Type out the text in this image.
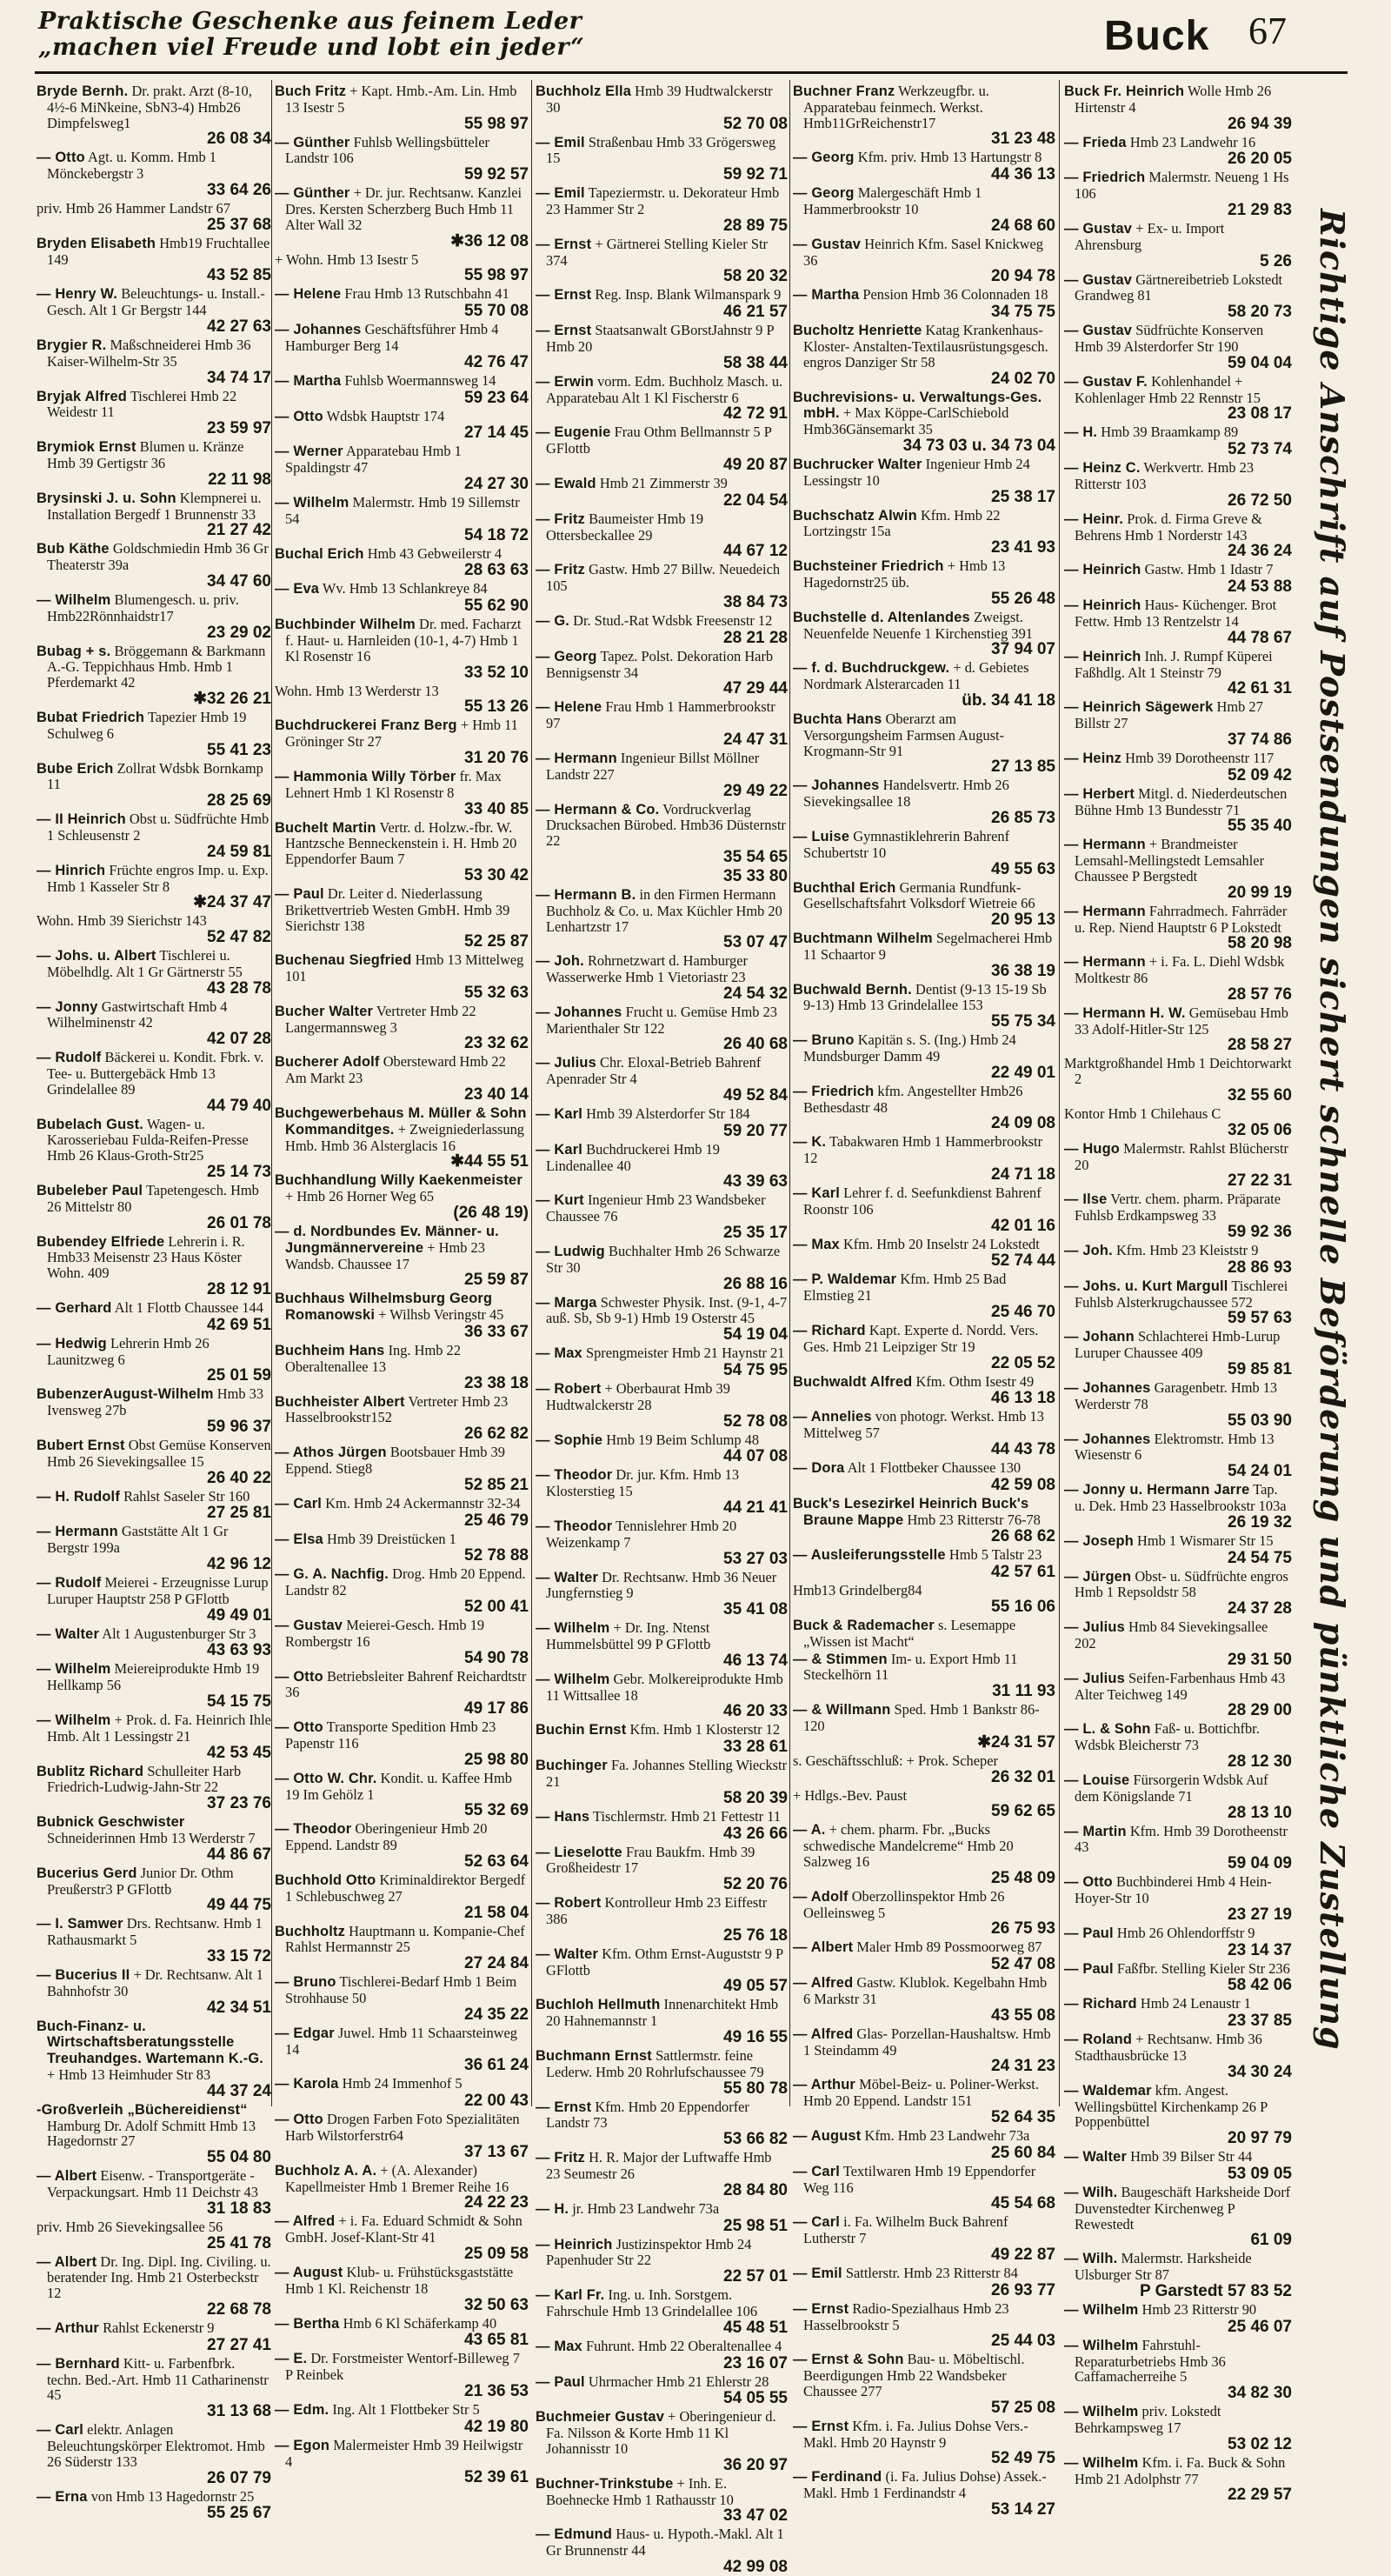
Praktische Geschenke aus feinem Leder
„machen viel Freude und lobt ein jeder“	Buck 67
Bryde Bernh. Dr. prakt. Arzt (8-10, 4½-6 MiNkeine, SbN3-4) Hmb26 Dimpfelsweg1
26 08 34
— Otto Agt. u. Komm. Hmb 1 Mönckebergstr 3
33 64 26
priv. Hmb 26 Hammer Landstr 67
25 37 68
Bryden Elisabeth Hmb19 Fruchtallee 149
43 52 85
— Henry W. Beleuchtungs- u. Install.-Gesch. Alt 1 Gr Bergstr 144
42 27 63
Brygier R. Maßschneiderei Hmb 36 Kaiser-Wilhelm-Str 35
34 74 17
Bryjak Alfred Tischlerei Hmb 22 Weidestr 11
23 59 97
Brymiok Ernst Blumen u. Kränze Hmb 39 Gertigstr 36
22 11 98
Brysinski J. u. Sohn Klempnerei u. Installation Bergedf 1 Brunnenstr 33
21 27 42
Bub Käthe Goldschmiedin Hmb 36 Gr Theaterstr 39a
34 47 60
— Wilhelm Blumengesch. u. priv. Hmb22Rönnhaidstr17
23 29 02
Bubag + s. Bröggemann & Barkmann A.-G. Teppichhaus Hmb. Hmb 1 Pferdemarkt 42
✱32 26 21
Bubat Friedrich Tapezier Hmb 19 Schulweg 6
55 41 23
Bube Erich Zollrat Wdsbk Bornkamp 11
28 25 69
— II Heinrich Obst u. Südfrüchte Hmb 1 Schleusenstr 2
24 59 81
— Hinrich Früchte engros Imp. u. Exp. Hmb 1 Kasseler Str 8
✱24 37 47
Wohn. Hmb 39 Sierichstr 143
52 47 82
— Johs. u. Albert Tischlerei u. Möbelhdlg. Alt 1 Gr Gärtnerstr 55
43 28 78
— Jonny Gastwirtschaft Hmb 4 Wilhelminenstr 42
42 07 28
— Rudolf Bäckerei u. Kondit. Fbrk. v. Tee- u. Buttergebäck Hmb 13 Grindelallee 89
44 79 40
Bubelach Gust. Wagen- u. Karosseriebau Fulda-Reifen-Presse Hmb 26 Klaus-Groth-Str25
25 14 73
Bubeleber Paul Tapetengesch. Hmb 26 Mittelstr 80
26 01 78
Bubendey Elfriede Lehrerin i. R. Hmb33 Meisenstr 23 Haus Köster Wohn. 409
28 12 91
— Gerhard Alt 1 Flottb Chaussee 144
42 69 51
— Hedwig Lehrerin Hmb 26 Launitzweg 6
25 01 59
BubenzerAugust-Wilhelm Hmb 33 Ivensweg 27b
59 96 37
Bubert Ernst Obst Gemüse Konserven Hmb 26 Sievekingsallee 15
26 40 22
— H. Rudolf Rahlst Saseler Str 160
27 25 81
— Hermann Gaststätte Alt 1 Gr Bergstr 199a
42 96 12
— Rudolf Meierei - Erzeugnisse Lurup Luruper Hauptstr 258 P GFlottb
49 49 01
— Walter Alt 1 Augustenburger Str 3
43 63 93
— Wilhelm Meiereiprodukte Hmb 19 Hellkamp 56
54 15 75
— Wilhelm + Prok. d. Fa. Heinrich Ihle Hmb. Alt 1 Lessingstr 21
42 53 45
Bublitz Richard Schulleiter Harb Friedrich-Ludwig-Jahn-Str 22
37 23 76
Bubnick Geschwister Schneiderinnen Hmb 13 Werderstr 7
44 86 67
Bucerius Gerd Junior Dr. Othm Preußerstr3 P GFlottb
49 44 75
— I. Samwer Drs. Rechtsanw. Hmb 1 Rathausmarkt 5
33 15 72
— Bucerius II + Dr. Rechtsanw. Alt 1 Bahnhofstr 30
42 34 51
Buch-Finanz- u. Wirtschaftsberatungsstelle Treuhandges. Wartemann K.-G. + Hmb 13 Heimhuder Str 83
44 37 24
-Großverleih „Büchereidienst“ Hamburg Dr. Adolf Schmitt Hmb 13 Hagedornstr 27
55 04 80
— Albert Eisenw. - Transportgeräte - Verpackungsart. Hmb 11 Deichstr 43
31 18 83
priv. Hmb 26 Sievekingsallee 56
25 41 78
— Albert Dr. Ing. Dipl. Ing. Civiling. u. beratender Ing. Hmb 21 Osterbeckstr 12
22 68 78
— Arthur Rahlst Eckenerstr 9
27 27 41
— Bernhard Kitt- u. Farbenfbrk. techn. Bed.-Art. Hmb 11 Catharinenstr 45
31 13 68
— Carl elektr. Anlagen Beleuchtungskörper Elektromot. Hmb 26 Süderstr 133
26 07 79
— Erna von Hmb 13 Hagedornstr 25
55 25 67
Buch Fritz + Kapt. Hmb.-Am. Lin. Hmb 13 Isestr 5
55 98 97
— Günther Fuhlsb Wellingsbütteler Landstr 106
59 92 57
— Günther + Dr. jur. Rechtsanw. Kanzlei Dres. Kersten Scherzberg Buch Hmb 11 Alter Wall 32
✱36 12 08
+ Wohn. Hmb 13 Isestr 5
55 98 97
— Helene Frau Hmb 13 Rutschbahn 41
55 70 08
— Johannes Geschäftsführer Hmb 4 Hamburger Berg 14
42 76 47
— Martha Fuhlsb Woermannsweg 14
59 23 64
— Otto Wdsbk Hauptstr 174
27 14 45
— Werner Apparatebau Hmb 1 Spaldingstr 47
24 27 30
— Wilhelm Malermstr. Hmb 19 Sillemstr 54
54 18 72
Buchal Erich Hmb 43 Gebweilerstr 4
28 63 63
— Eva Wv. Hmb 13 Schlankreye 84
55 62 90
Buchbinder Wilhelm Dr. med. Facharzt f. Haut- u. Harnleiden (10-1, 4-7) Hmb 1 Kl Rosenstr 16
33 52 10
Wohn. Hmb 13 Werderstr 13
55 13 26
Buchdruckerei Franz Berg + Hmb 11 Gröninger Str 27
31 20 76
— Hammonia Willy Törber fr. Max Lehnert Hmb 1 Kl Rosenstr 8
33 40 85
Buchelt Martin Vertr. d. Holzw.-fbr. W. Hantzsche Benneckenstein i. H. Hmb 20 Eppendorfer Baum 7
53 30 42
— Paul Dr. Leiter d. Niederlassung Brikettvertrieb Westen GmbH. Hmb 39 Sierichstr 138
52 25 87
Buchenau Siegfried Hmb 13 Mittelweg 101
55 32 63
Bucher Walter Vertreter Hmb 22 Langermannsweg 3
23 32 62
Bucherer Adolf Obersteward Hmb 22 Am Markt 23
23 40 14
Buchgewerbehaus M. Müller & Sohn Kommanditges. + Zweigniederlassung Hmb. Hmb 36 Alsterglacis 16
✱44 55 51
Buchhandlung Willy Kaekenmeister + Hmb 26 Horner Weg 65
(26 48 19)
— d. Nordbundes Ev. Männer- u. Jungmännervereine + Hmb 23 Wandsb. Chaussee 17
25 59 87
Buchhaus Wilhelmsburg Georg Romanowski + Wilhsb Veringstr 45
36 33 67
Buchheim Hans Ing. Hmb 22 Oberaltenallee 13
23 38 18
Buchheister Albert Vertreter Hmb 23 Hasselbrookstr152
26 62 82
— Athos Jürgen Bootsbauer Hmb 39 Eppend. Stieg8
52 85 21
— Carl Km. Hmb 24 Ackermannstr 32-34
25 46 79
— Elsa Hmb 39 Dreistücken 1
52 78 88
— G. A. Nachfig. Drog. Hmb 20 Eppend. Landstr 82
52 00 41
— Gustav Meierei-Gesch. Hmb 19 Rombergstr 16
54 90 78
— Otto Betriebsleiter Bahrenf Reichardtstr 36
49 17 86
— Otto Transporte Spedition Hmb 23 Papenstr 116
25 98 80
— Otto W. Chr. Kondit. u. Kaffee Hmb 19 Im Gehölz 1
55 32 69
— Theodor Oberingenieur Hmb 20 Eppend. Landstr 89
52 63 64
Buchhold Otto Kriminaldirektor Bergedf 1 Schlebuschweg 27
21 58 04
Buchholtz Hauptmann u. Kompanie-Chef Rahlst Hermannstr 25
27 24 84
— Bruno Tischlerei-Bedarf Hmb 1 Beim Strohhause 50
24 35 22
— Edgar Juwel. Hmb 11 Schaarsteinweg 14
36 61 24
— Karola Hmb 24 Immenhof 5
22 00 43
— Otto Drogen Farben Foto Spezialitäten Harb Wilstorferstr64
37 13 67
Buchholz A. A. + (A. Alexander) Kapellmeister Hmb 1 Bremer Reihe 16
24 22 23
— Alfred + i. Fa. Eduard Schmidt & Sohn GmbH. Josef-Klant-Str 41
25 09 58
— August Klub- u. Frühstücksgaststätte Hmb 1 Kl. Reichenstr 18
32 50 63
— Bertha Hmb 6 Kl Schäferkamp 40
43 65 81
— E. Dr. Forstmeister Wentorf-Billeweg 7 P Reinbek
21 36 53
— Edm. Ing. Alt 1 Flottbeker Str 5
42 19 80
— Egon Malermeister Hmb 39 Heilwigstr 4
52 39 61
Buchholz Ella Hmb 39 Hudtwalckerstr 30
52 70 08
— Emil Straßenbau Hmb 33 Grögersweg 15
59 92 71
— Emil Tapeziermstr. u. Dekorateur Hmb 23 Hammer Str 2
28 89 75
— Ernst + Gärtnerei Stelling Kieler Str 374
58 20 32
— Ernst Reg. Insp. Blank Wilmanspark 9
46 21 57
— Ernst Staatsanwalt GBorstJahnstr 9 P Hmb 20
58 38 44
— Erwin vorm. Edm. Buchholz Masch. u. Apparatebau Alt 1 Kl Fischerstr 6
42 72 91
— Eugenie Frau Othm Bellmannstr 5 P GFlottb
49 20 87
— Ewald Hmb 21 Zimmerstr 39
22 04 54
— Fritz Baumeister Hmb 19 Ottersbeckallee 29
44 67 12
— Fritz Gastw. Hmb 27 Billw. Neuedeich 105
38 84 73
— G. Dr. Stud.-Rat Wdsbk Freesenstr 12
28 21 28
— Georg Tapez. Polst. Dekoration Harb Bennigsenstr 34
47 29 44
— Helene Frau Hmb 1 Hammerbrookstr 97
24 47 31
— Hermann Ingenieur Billst Möllner Landstr 227
29 49 22
— Hermann & Co. Vordruckverlag Drucksachen Bürobed. Hmb36 Düsternstr 22
35 54 65
35 33 80
— Hermann B. in den Firmen Hermann Buchholz & Co. u. Max Küchler Hmb 20 Lenhartzstr 17
53 07 47
— Joh. Rohrnetzwart d. Hamburger Wasserwerke Hmb 1 Vietoriastr 23
24 54 32
— Johannes Frucht u. Gemüse Hmb 23 Marienthaler Str 122
26 40 68
— Julius Chr. Eloxal-Betrieb Bahrenf Apenrader Str 4
49 52 84
— Karl Hmb 39 Alsterdorfer Str 184
59 20 77
— Karl Buchdruckerei Hmb 19 Lindenallee 40
43 39 63
— Kurt Ingenieur Hmb 23 Wandsbeker Chaussee 76
25 35 17
— Ludwig Buchhalter Hmb 26 Schwarze Str 30
26 88 16
— Marga Schwester Physik. Inst. (9-1, 4-7 auß. Sb, Sb 9-1) Hmb 19 Osterstr 45
54 19 04
— Max Sprengmeister Hmb 21 Haynstr 21
54 75 95
— Robert + Oberbaurat Hmb 39 Hudtwalckerstr 28
52 78 08
— Sophie Hmb 19 Beim Schlump 48
44 07 08
— Theodor Dr. jur. Kfm. Hmb 13 Klosterstieg 15
44 21 41
— Theodor Tennislehrer Hmb 20 Weizenkamp 7
53 27 03
— Walter Dr. Rechtsanw. Hmb 36 Neuer Jungfernstieg 9
35 41 08
— Wilhelm + Dr. Ing. Ntenst Hummelsbüttel 99 P GFlottb
46 13 74
— Wilhelm Gebr. Molkereiprodukte Hmb 11 Wittsallee 18
46 20 33
Buchin Ernst Kfm. Hmb 1 Klosterstr 12
33 28 61
Buchinger Fa. Johannes Stelling Wieckstr 21
58 20 39
— Hans Tischlermstr. Hmb 21 Fettestr 11
43 26 66
— Lieselotte Frau Baukfm. Hmb 39 Großheidestr 17
52 20 76
— Robert Kontrolleur Hmb 23 Eiffestr 386
25 76 18
— Walter Kfm. Othm Ernst-Auguststr 9 P GFlottb
49 05 57
Buchloh Hellmuth Innenarchitekt Hmb 20 Hahnemannstr 1
49 16 55
Buchmann Ernst Sattlermstr. feine Lederw. Hmb 20 Rohrlufschaussee 79
55 80 78
— Ernst Kfm. Hmb 20 Eppendorfer Landstr 73
53 66 82
— Fritz H. R. Major der Luftwaffe Hmb 23 Seumestr 26
28 84 80
— H. jr. Hmb 23 Landwehr 73a
25 98 51
— Heinrich Justizinspektor Hmb 24 Papenhuder Str 22
22 57 01
— Karl Fr. Ing. u. Inh. Sorstgem. Fahrschule Hmb 13 Grindelallee 106
45 48 51
— Max Fuhrunt. Hmb 22 Oberaltenallee 4
23 16 07
— Paul Uhrmacher Hmb 21 Ehlerstr 28
54 05 55
Buchmeier Gustav + Oberingenieur d. Fa. Nilsson & Korte Hmb 11 Kl Johannisstr 10
36 20 97
Buchner-Trinkstube + Inh. E. Boehnecke Hmb 1 Rathausstr 10
33 47 02
— Edmund Haus- u. Hypoth.-Makl. Alt 1 Gr Brunnenstr 44
42 99 08
Buchner Franz Werkzeugfbr. u. Apparatebau feinmech. Werkst. Hmb11GrReichenstr17
31 23 48
— Georg Kfm. priv. Hmb 13 Hartungstr 8
44 36 13
— Georg Malergeschäft Hmb 1 Hammerbrookstr 10
24 68 60
— Gustav Heinrich Kfm. Sasel Knickweg 36
20 94 78
— Martha Pension Hmb 36 Colonnaden 18
34 75 75
Bucholtz Henriette Katag Krankenhaus- Kloster- Anstalten-Textilausrüstungsgesch. engros Danziger Str 58
24 02 70
Buchrevisions- u. Verwaltungs-Ges. mbH. + Max Köppe-CarlSchiebold Hmb36Gänsemarkt 35
34 73 03 u. 34 73 04
Buchrucker Walter Ingenieur Hmb 24 Lessingstr 10
25 38 17
Buchschatz Alwin Kfm. Hmb 22 Lortzingstr 15a
23 41 93
Buchsteiner Friedrich + Hmb 13 Hagedornstr25 üb.
55 26 48
Buchstelle d. Altenlandes Zweigst. Neuenfelde Neuenfe 1 Kirchenstieg 391
37 94 07
— f. d. Buchdruckgew. + d. Gebietes Nordmark Alsterarcaden 11
üb. 34 41 18
Buchta Hans Oberarzt am Versorgungsheim Farmsen August-Krogmann-Str 91
27 13 85
— Johannes Handelsvertr. Hmb 26 Sievekingsallee 18
26 85 73
— Luise Gymnastiklehrerin Bahrenf Schubertstr 10
49 55 63
Buchthal Erich Germania Rundfunk- Gesellschaftsfahrt Volksdorf Wietreie 66
20 95 13
Buchtmann Wilhelm Segelmacherei Hmb 11 Schaartor 9
36 38 19
Buchwald Bernh. Dentist (9-13 15-19 Sb 9-13) Hmb 13 Grindelallee 153
55 75 34
— Bruno Kapitän s. S. (Ing.) Hmb 24 Mundsburger Damm 49
22 49 01
— Friedrich kfm. Angestellter Hmb26 Bethesdastr 48
24 09 08
— K. Tabakwaren Hmb 1 Hammerbrookstr 12
24 71 18
— Karl Lehrer f. d. Seefunkdienst Bahrenf Roonstr 106
42 01 16
— Max Kfm. Hmb 20 Inselstr 24 Lokstedt
52 74 44
— P. Waldemar Kfm. Hmb 25 Bad Elmstieg 21
25 46 70
— Richard Kapt. Experte d. Nordd. Vers. Ges. Hmb 21 Leipziger Str 19
22 05 52
Buchwaldt Alfred Kfm. Othm Isestr 49
46 13 18
— Annelies von photogr. Werkst. Hmb 13 Mittelweg 57
44 43 78
— Dora Alt 1 Flottbeker Chaussee 130
42 59 08
Buck's Lesezirkel Heinrich Buck's Braune Mappe Hmb 23 Ritterstr 76-78
26 68 62
— Ausleiferungsstelle Hmb 5 Talstr 23
42 57 61
Hmb13 Grindelberg84
55 16 06
Buck & Rademacher s. Lesemappe „Wissen ist Macht“
— & Stimmen Im- u. Export Hmb 11 Steckelhörn 11
31 11 93
— & Willmann Sped. Hmb 1 Bankstr 86-120
✱24 31 57
s. Geschäftsschluß: + Prok. Scheper
26 32 01
+ Hdlgs.-Bev. Paust
59 62 65
— A. + chem. pharm. Fbr. „Bucks schwedische Mandelcreme“ Hmb 20 Salzweg 16
25 48 09
— Adolf Oberzollinspektor Hmb 26 Oelleinsweg 5
26 75 93
— Albert Maler Hmb 89 Possmoorweg 87
52 47 08
— Alfred Gastw. Klublok. Kegelbahn Hmb 6 Markstr 31
43 55 08
— Alfred Glas- Porzellan-Haushaltsw. Hmb 1 Steindamm 49
24 31 23
— Arthur Möbel-Beiz- u. Poliner-Werkst. Hmb 20 Eppend. Landstr 151
52 64 35
— August Kfm. Hmb 23 Landwehr 73a
25 60 84
— Carl Textilwaren Hmb 19 Eppendorfer Weg 116
45 54 68
— Carl i. Fa. Wilhelm Buck Bahrenf Lutherstr 7
49 22 87
— Emil Sattlerstr. Hmb 23 Ritterstr 84
26 93 77
— Ernst Radio-Spezialhaus Hmb 23 Hasselbrookstr 5
25 44 03
— Ernst & Sohn Bau- u. Möbeltischl. Beerdigungen Hmb 22 Wandsbeker Chaussee 277
57 25 08
— Ernst Kfm. i. Fa. Julius Dohse Vers.-Makl. Hmb 20 Haynstr 9
52 49 75
— Ferdinand (i. Fa. Julius Dohse) Assek.-Makl. Hmb 1 Ferdinandstr 4
53 14 27
Buck Fr. Heinrich Wolle Hmb 26 Hirtenstr 4
26 94 39
— Frieda Hmb 23 Landwehr 16
26 20 05
— Friedrich Malermstr. Neueng 1 Hs 106
21 29 83
— Gustav + Ex- u. Import Ahrensburg
5 26
— Gustav Gärtnereibetrieb Lokstedt Grandweg 81
58 20 73
— Gustav Südfrüchte Konserven Hmb 39 Alsterdorfer Str 190
59 04 04
— Gustav F. Kohlenhandel + Kohlenlager Hmb 22 Rennstr 15
23 08 17
— H. Hmb 39 Braamkamp 89
52 73 74
— Heinz C. Werkvertr. Hmb 23 Ritterstr 103
26 72 50
— Heinr. Prok. d. Firma Greve & Behrens Hmb 1 Norderstr 143
24 36 24
— Heinrich Gastw. Hmb 1 Idastr 7
24 53 88
— Heinrich Haus- Küchenger. Brot Fettw. Hmb 13 Rentzelstr 14
44 78 67
— Heinrich Inh. J. Rumpf Küperei Faßhdlg. Alt 1 Steinstr 79
42 61 31
— Heinrich Sägewerk Hmb 27 Billstr 27
37 74 86
— Heinz Hmb 39 Dorotheenstr 117
52 09 42
— Herbert Mitgl. d. Niederdeutschen Bühne Hmb 13 Bundesstr 71
55 35 40
— Hermann + Brandmeister Lemsahl-Mellingstedt Lemsahler Chaussee P Bergstedt
20 99 19
— Hermann Fahrradmech. Fahrräder u. Rep. Niend Hauptstr 6 P Lokstedt
58 20 98
— Hermann + i. Fa. L. Diehl Wdsbk Moltkestr 86
28 57 76
— Hermann H. W. Gemüsebau Hmb 33 Adolf-Hitler-Str 125
28 58 27
Marktgroßhandel Hmb 1 Deichtorwarkt 2
32 55 60
Kontor Hmb 1 Chilehaus C
32 05 06
— Hugo Malermstr. Rahlst Blücherstr 20
27 22 31
— Ilse Vertr. chem. pharm. Präparate Fuhlsb Erdkampsweg 33
59 92 36
— Joh. Kfm. Hmb 23 Kleiststr 9
28 86 93
— Johs. u. Kurt Margull Tischlerei Fuhlsb Alsterkrugchaussee 572
59 57 63
— Johann Schlachterei Hmb-Lurup Luruper Chaussee 409
59 85 81
— Johannes Garagenbetr. Hmb 13 Werderstr 78
55 03 90
— Johannes Elektromstr. Hmb 13 Wiesenstr 6
54 24 01
— Jonny u. Hermann Jarre Tap. u. Dek. Hmb 23 Hasselbrookstr 103a
26 19 32
— Joseph Hmb 1 Wismarer Str 15
24 54 75
— Jürgen Obst- u. Südfrüchte engros Hmb 1 Repsoldstr 58
24 37 28
— Julius Hmb 84 Sievekingsallee 202
29 31 50
— Julius Seifen-Farbenhaus Hmb 43 Alter Teichweg 149
28 29 00
— L. & Sohn Faß- u. Bottichfbr. Wdsbk Bleicherstr 73
28 12 30
— Louise Fürsorgerin Wdsbk Auf dem Königslande 71
28 13 10
— Martin Kfm. Hmb 39 Dorotheenstr 43
59 04 09
— Otto Buchbinderei Hmb 4 Hein-Hoyer-Str 10
23 27 19
— Paul Hmb 26 Ohlendorffstr 9
23 14 37
— Paul Faßfbr. Stelling Kieler Str 236
58 42 06
— Richard Hmb 24 Lenaustr 1
23 37 85
— Roland + Rechtsanw. Hmb 36 Stadthausbrücke 13
34 30 24
— Waldemar kfm. Angest. Wellingsbüttel Kirchenkamp 26 P Poppenbüttel
20 97 79
— Walter Hmb 39 Bilser Str 44
53 09 05
— Wilh. Baugeschäft Harksheide Dorf Duvenstedter Kirchenweg P Rewestedt
61 09
— Wilh. Malermstr. Harksheide Ulsburger Str 87
P Garstedt 57 83 52
— Wilhelm Hmb 23 Ritterstr 90
25 46 07
— Wilhelm Fahrstuhl-Reparaturbetriebs Hmb 36 Caffamacherreihe 5
34 82 30
— Wilhelm priv. Lokstedt Behrkampsweg 17
53 02 12
— Wilhelm Kfm. i. Fa. Buck & Sohn Hmb 21 Adolphstr 77
22 29 57
Richtige Anschrift auf Postsendungen sichert schnelle Beförderung und pünktliche Zustellung
